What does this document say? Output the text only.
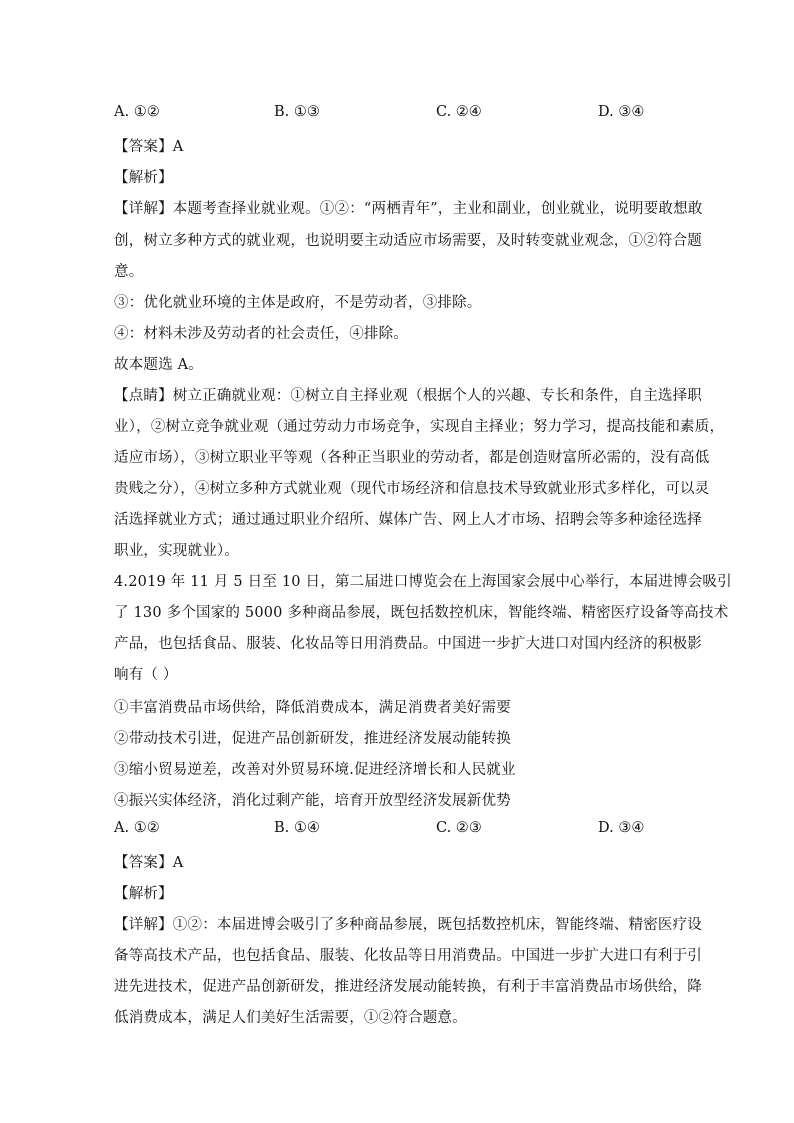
A. ①②	B. ①③	C. ②④	D. ③④
【答案】A
【解析】
【详解】本题考查择业就业观。①②：“两栖青年”，主业和副业，创业就业，说明要敢想敢
创，树立多种方式的就业观，也说明要主动适应市场需要，及时转变就业观念，①②符合题
意。
③：优化就业环境的主体是政府，不是劳动者，③排除。
④：材料未涉及劳动者的社会责任，④排除。
故本题选 A。
【点睛】树立正确就业观：①树立自主择业观（根据个人的兴趣、专长和条件，自主选择职
业），②树立竞争就业观（通过劳动力市场竞争，实现自主择业；努力学习，提高技能和素质，
适应市场），③树立职业平等观（各种正当职业的劳动者，都是创造财富所必需的，没有高低
贵贱之分），④树立多种方式就业观（现代市场经济和信息技术导致就业形式多样化，可以灵
活选择就业方式；通过通过职业介绍所、媒体广告、网上人才市场、招聘会等多种途径选择
职业，实现就业）。
4.2019 年 11 月 5 日至 10 日，第二届进口博览会在上海国家会展中心举行，本届进博会吸引
了 130 多个国家的 5000 多种商品参展，既包括数控机床，智能终端、精密医疗设备等高技术
产品，也包括食品、服装、化妆品等日用消费品。中国进一步扩大进口对国内经济的积极影
响有（ ）
①丰富消费品市场供给，降低消费成本，满足消费者美好需要
②带动技术引进，促进产品创新研发，推进经济发展动能转换
③缩小贸易逆差，改善对外贸易环境.促进经济增长和人民就业
④振兴实体经济，消化过剩产能，培育开放型经济发展新优势
A. ①②	B. ①④	C. ②③	D. ③④
【答案】A
【解析】
【详解】①②：本届进博会吸引了多种商品参展，既包括数控机床，智能终端、精密医疗设
备等高技术产品，也包括食品、服装、化妆品等日用消费品。中国进一步扩大进口有利于引
进先进技术，促进产品创新研发，推进经济发展动能转换，有利于丰富消费品市场供给，降
低消费成本，满足人们美好生活需要，①②符合题意。
